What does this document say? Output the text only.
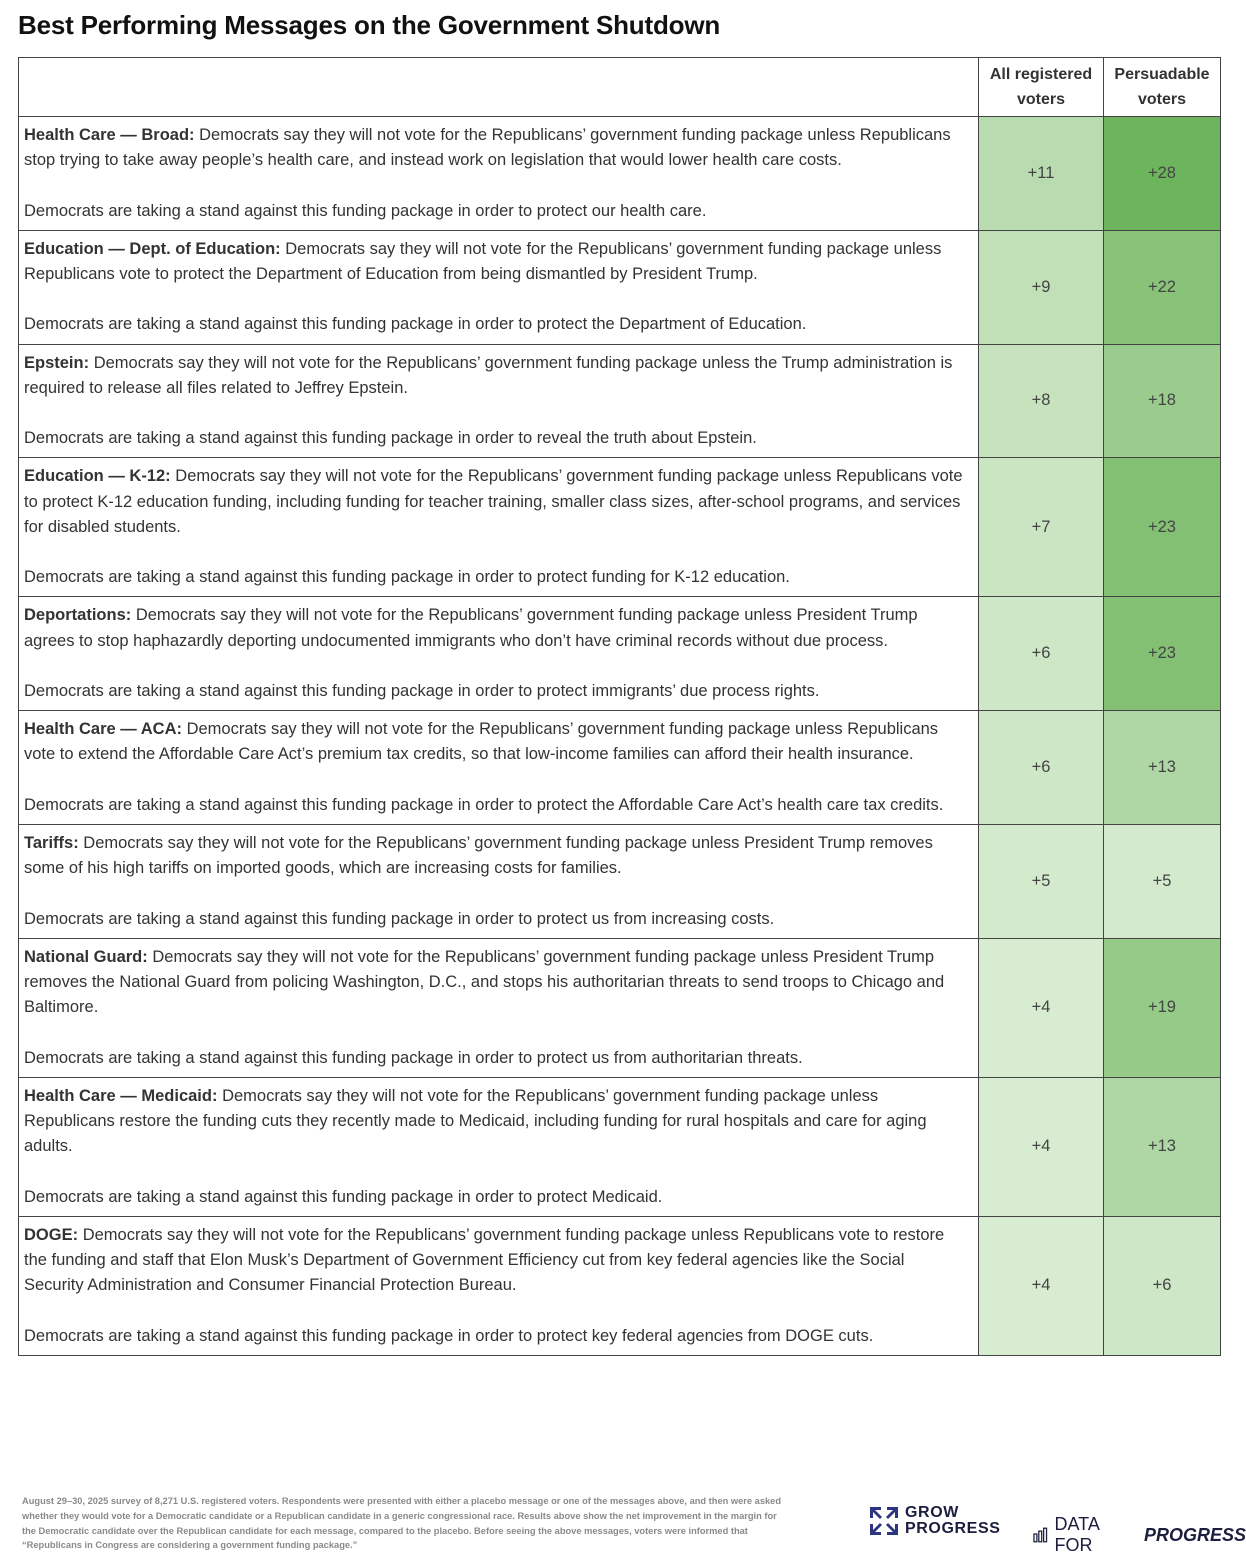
Best Performing Messages on the Government Shutdown
	All registered voters	Persuadable voters

Health Care — Broad: Democrats say they will not vote for the Republicans’ government funding package unless Republicans stop trying to take away people’s health care, and instead work on legislation that would lower health care costs.

Democrats are taking a stand against this funding package in order to protect our health care.	+11	+28

Education — Dept. of Education: Democrats say they will not vote for the Republicans’ government funding package unless Republicans vote to protect the Department of Education from being dismantled by President Trump.

Democrats are taking a stand against this funding package in order to protect the Department of Education.	+9	+22

Epstein: Democrats say they will not vote for the Republicans’ government funding package unless the Trump administration is required to release all files related to Jeffrey Epstein.

Democrats are taking a stand against this funding package in order to reveal the truth about Epstein.	+8	+18

Education — K-12: Democrats say they will not vote for the Republicans’ government funding package unless Republicans vote to protect K-12 education funding, including funding for teacher training, smaller class sizes, after-school programs, and services for disabled students.

Democrats are taking a stand against this funding package in order to protect funding for K-12 education.	+7	+23

Deportations: Democrats say they will not vote for the Republicans’ government funding package unless President Trump agrees to stop haphazardly deporting undocumented immigrants who don’t have criminal records without due process.

Democrats are taking a stand against this funding package in order to protect immigrants’ due process rights.	+6	+23

Health Care — ACA: Democrats say they will not vote for the Republicans’ government funding package unless Republicans vote to extend the Affordable Care Act’s premium tax credits, so that low-income families can afford their health insurance.

Democrats are taking a stand against this funding package in order to protect the Affordable Care Act’s health care tax credits.	+6	+13

Tariffs: Democrats say they will not vote for the Republicans’ government funding package unless President Trump removes some of his high tariffs on imported goods, which are increasing costs for families.

Democrats are taking a stand against this funding package in order to protect us from increasing costs.	+5	+5

National Guard: Democrats say they will not vote for the Republicans’ government funding package unless President Trump removes the National Guard from policing Washington, D.C., and stops his authoritarian threats to send troops to Chicago and Baltimore.

Democrats are taking a stand against this funding package in order to protect us from authoritarian threats.	+4	+19

Health Care — Medicaid: Democrats say they will not vote for the Republicans’ government funding package unless Republicans restore the funding cuts they recently made to Medicaid, including funding for rural hospitals and care for aging adults.

Democrats are taking a stand against this funding package in order to protect Medicaid.	+4	+13

DOGE: Democrats say they will not vote for the Republicans’ government funding package unless Republicans vote to restore the funding and staff that Elon Musk’s Department of Government Efficiency cut from key federal agencies like the Social Security Administration and Consumer Financial Protection Bureau.

Democrats are taking a stand against this funding package in order to protect key federal agencies from DOGE cuts.	+4	+6
August 29–30, 2025 survey of 8,271 U.S. registered voters. Respondents were presented with either a placebo message or one of the messages above, and then were asked whether they would vote for a Democratic candidate or a Republican candidate in a generic congressional race. Results above show the net improvement in the margin for the Democratic candidate over the Republican candidate for each message, compared to the placebo. Before seeing the above messages, voters were informed that “Republicans in Congress are considering a government funding package.”
GROW
PROGRESS	DATA FOR
PROGRESS
